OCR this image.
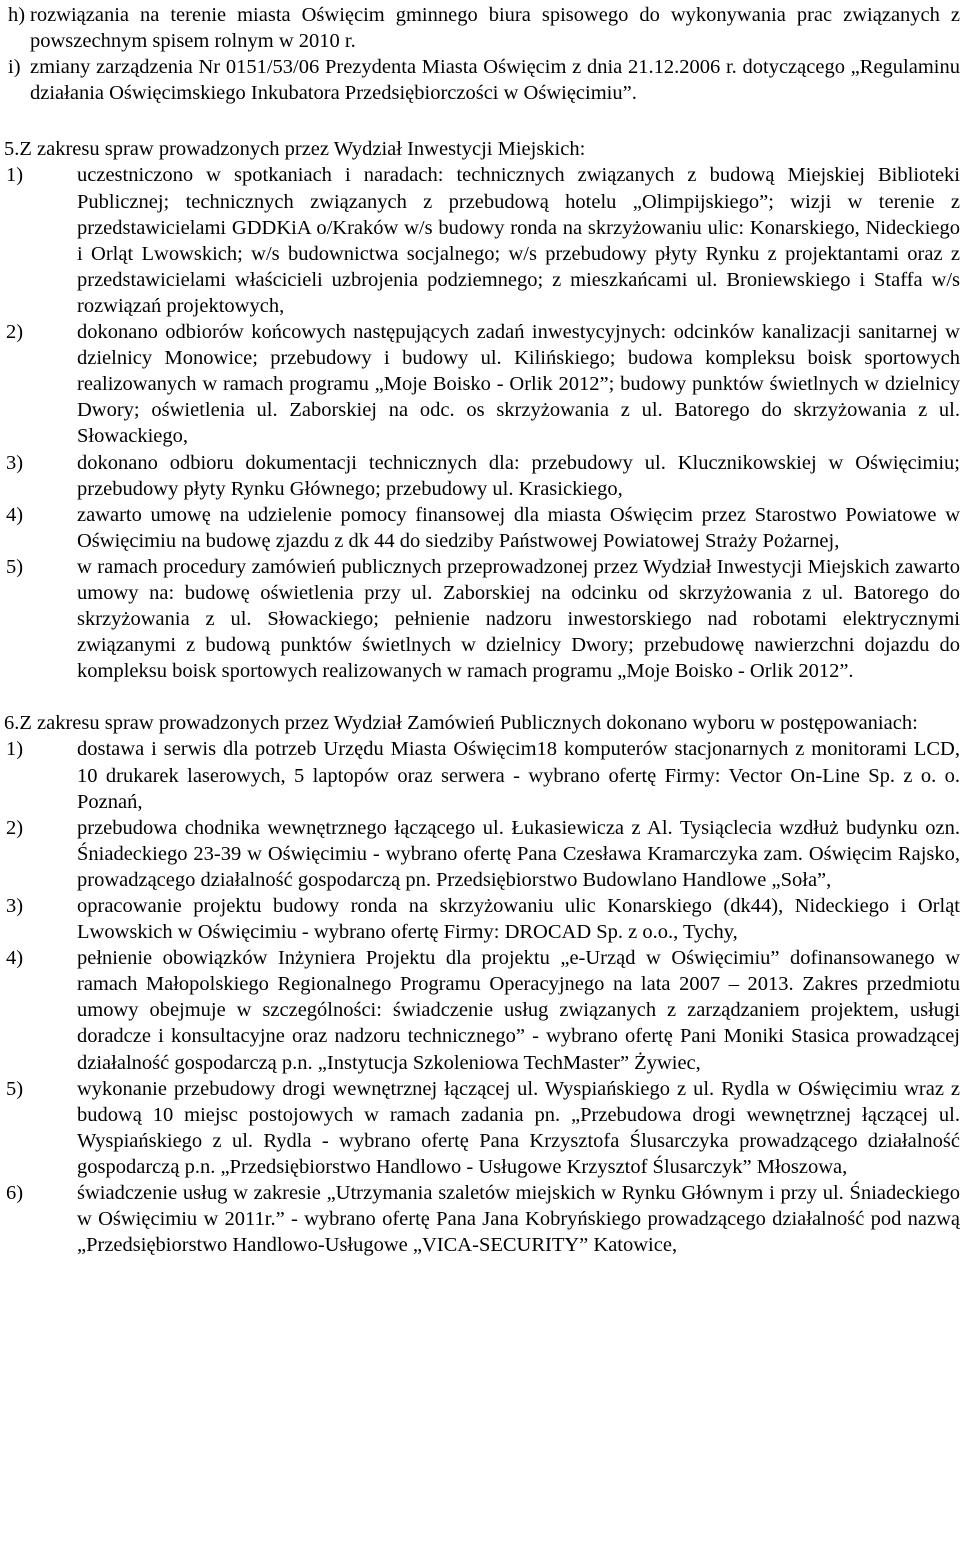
h) rozwiązania na terenie miasta Oświęcim gminnego biura spisowego do wykonywania prac związanych z powszechnym spisem rolnym w 2010 r.
i) zmiany zarządzenia Nr 0151/53/06 Prezydenta Miasta Oświęcim z dnia 21.12.2006 r. dotyczącego „Regulaminu działania Oświęcimskiego Inkubatora Przedsiębiorczości w Oświęcimiu”.

5.Z zakresu spraw prowadzonych przez Wydział Inwestycji Miejskich:

1)	uczestniczono w spotkaniach i naradach: technicznych związanych z budową Miejskiej Biblioteki Publicznej; technicznych związanych z przebudową hotelu „Olimpijskiego”; wizji w terenie z przedstawicielami GDDKiA o/Kraków w/s budowy ronda na skrzyżowaniu ulic: Konarskiego, Nideckiego i Orląt Lwowskich; w/s budownictwa socjalnego; w/s przebudowy płyty Rynku z projektantami oraz z przedstawicielami właścicieli uzbrojenia podziemnego; z mieszkańcami ul. Broniewskiego i Staffa w/s rozwiązań projektowych,
2)	dokonano odbiorów końcowych następujących zadań inwestycyjnych: odcinków kanalizacji sanitarnej w dzielnicy Monowice; przebudowy i budowy ul. Kilińskiego; budowa kompleksu boisk sportowych realizowanych w ramach programu „Moje Boisko - Orlik 2012”; budowy punktów świetlnych w dzielnicy Dwory; oświetlenia ul. Zaborskiej na odc. os skrzyżowania z ul. Batorego do skrzyżowania z ul. Słowackiego,
3)	dokonano odbioru dokumentacji technicznych dla: przebudowy ul. Klucznikowskiej w Oświęcimiu; przebudowy płyty Rynku Głównego; przebudowy ul. Krasickiego,
4)	zawarto umowę na udzielenie pomocy finansowej dla miasta Oświęcim przez Starostwo Powiatowe w Oświęcimiu na budowę zjazdu z dk 44 do siedziby Państwowej Powiatowej Straży Pożarnej,
5)	w ramach procedury zamówień publicznych przeprowadzonej przez Wydział Inwestycji Miejskich zawarto umowy na: budowę oświetlenia przy ul. Zaborskiej na odcinku od skrzyżowania z ul. Batorego do skrzyżowania z ul. Słowackiego; pełnienie nadzoru inwestorskiego nad robotami elektrycznymi związanymi z budową punktów świetlnych w dzielnicy Dwory; przebudowę nawierzchni dojazdu do kompleksu boisk sportowych realizowanych w ramach programu „Moje Boisko - Orlik 2012”.

6.Z zakresu spraw prowadzonych przez Wydział Zamówień Publicznych dokonano wyboru w postępowaniach:

1)	dostawa i serwis dla potrzeb Urzędu Miasta Oświęcim18 komputerów stacjonarnych z monitorami LCD, 10 drukarek laserowych, 5 laptopów oraz serwera - wybrano ofertę Firmy: Vector On-Line Sp. z o. o. Poznań,
2)	przebudowa chodnika wewnętrznego łączącego ul. Łukasiewicza z Al. Tysiąclecia wzdłuż budynku ozn. Śniadeckiego 23-39 w Oświęcimiu - wybrano ofertę Pana Czesława Kramarczyka zam. Oświęcim Rajsko, prowadzącego działalność gospodarczą pn. Przedsiębiorstwo Budowlano Handlowe „Soła”,
3)	opracowanie projektu budowy ronda na skrzyżowaniu ulic Konarskiego (dk44), Nideckiego i Orląt Lwowskich w Oświęcimiu - wybrano ofertę Firmy: DROCAD Sp. z o.o., Tychy,
4)	pełnienie obowiązków Inżyniera Projektu dla projektu „e-Urząd w Oświęcimiu” dofinansowanego w ramach Małopolskiego Regionalnego Programu Operacyjnego na lata 2007 – 2013. Zakres przedmiotu umowy obejmuje w szczególności: świadczenie usług związanych z zarządzaniem projektem, usługi doradcze i konsultacyjne oraz nadzoru technicznego” - wybrano ofertę Pani Moniki Stasica prowadzącej działalność gospodarczą p.n. „Instytucja Szkoleniowa TechMaster” Żywiec,
5)	wykonanie przebudowy drogi wewnętrznej łączącej ul. Wyspiańskiego z ul. Rydla w Oświęcimiu wraz z budową 10 miejsc postojowych w ramach zadania pn. „Przebudowa drogi wewnętrznej łączącej ul. Wyspiańskiego z ul. Rydla - wybrano ofertę Pana Krzysztofa Ślusarczyka prowadzącego działalność gospodarczą p.n. „Przedsiębiorstwo Handlowo - Usługowe Krzysztof Ślusarczyk” Młoszowa,
6)	świadczenie usług w zakresie „Utrzymania szaletów miejskich w Rynku Głównym i przy ul. Śniadeckiego w Oświęcimiu w 2011r.” - wybrano ofertę Pana Jana Kobryńskiego prowadzącego działalność pod nazwą „Przedsiębiorstwo Handlowo-Usługowe „VICA-SECURITY” Katowice,
